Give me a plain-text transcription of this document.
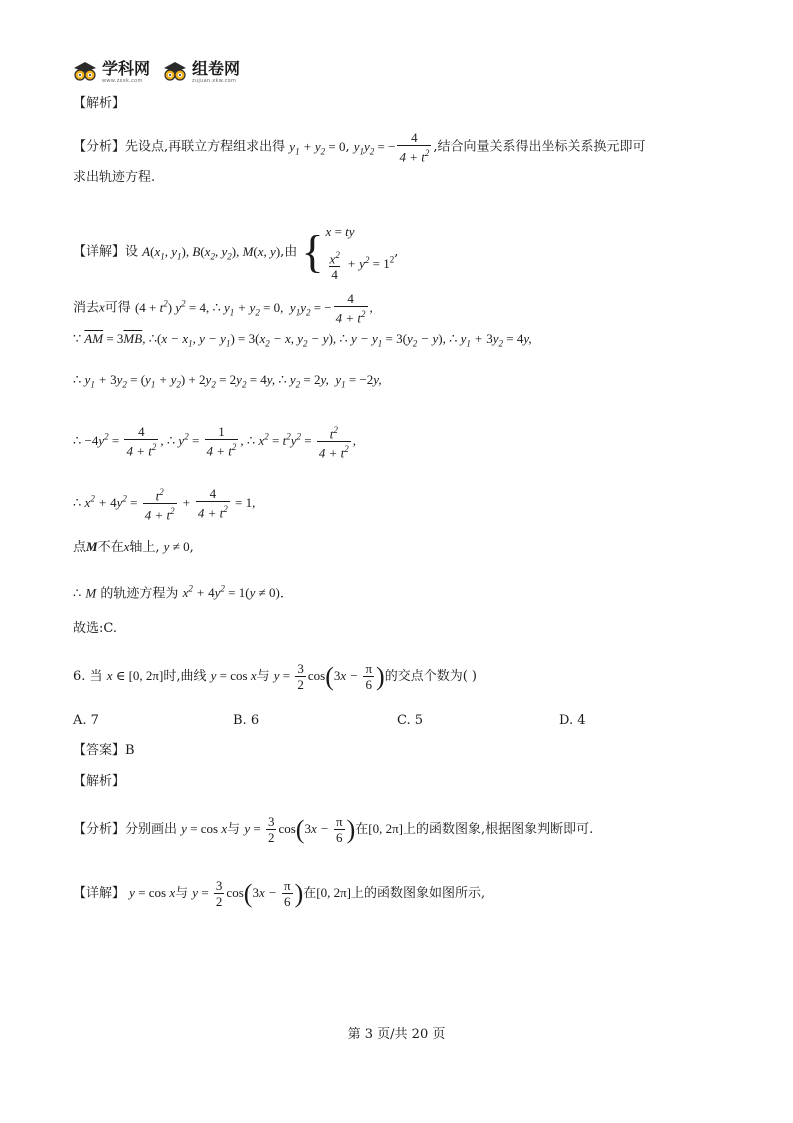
学科网
www.zxxk.com
组卷网
zujuan.xkw.com
【解析】
【分析】先设点,再联立方程组求出得 $y_1 + y_2 = 0$, $y_1y_2$ = − $\frac{4}{4 + t^2}$ ,结合向量关系得出坐标关系换元即可
求出轨迹方程.
【详解】设 $A(x_1$, $y_1$), $B(x_2$, $y_2$), M(x, y),由 { x = ty
$\frac{x^2}{4} + y^2 = 1^2$
,
消去x可得 $(4 + t^2)$ $y^2 = 4$, ∴ $y_1 + y_2 = 0$,  $y_1y_2$ = − $\frac{4}{4 + t^2}$ ,
∵ $\overline{AM} = 3\overline{MB}$, ∴(x − $x_1$, $y - y_1) = 3(x_2 - x$, $y_2 - y$), ∴ $y - y_1 = 3(y_2 - y)$, ∴ $y_1 + 3y_2 = 4y$,
∴ $y_1 + 3y_2 = (y_1 + y_2) + 2y_2 = 2y_2 = 4y$, ∴ $y_2 = 2y$,  $y_1 = -2y$,
∴ $-4y^2 = \frac{4}{4 + t^2}$ , ∴ $y^2 = \frac{1}{4 + t^2}$ , ∴ $x^2 = t^2y^2 = \frac{t^2}{4 + t^2}$ ,
∴ $x^2 + 4y^2 = \frac{t^2}{4 + t^2} + \frac{4}{4 + t^2} = 1$,
点M不在x轴上, y ≠ 0,
∴ M 的轨迹方程为 $x^2 + 4y^2 = 1(y \ne 0)$.
故选:C.
6. 当 x ∈ [0, 2π]时,曲线 y = cos x与 $y = \frac{3}{2} \cos(3x - \frac{\pi}{6}$ )的交点个数为( )
A. 7	B. 6	C. 5	D. 4
【答案】B
【解析】
【分析】分别画出 y = cos x与 $y = \frac{3}{2} \cos(3x - \frac{\pi}{6}$ )在[0, 2π]上的函数图象,根据图象判断即可.
【详解】 y = cos x与 $y = \frac{3}{2} \cos(3x - \frac{\pi}{6}$ )在[0, 2π]上的函数图象如图所示,
第 3 页/共 20 页
